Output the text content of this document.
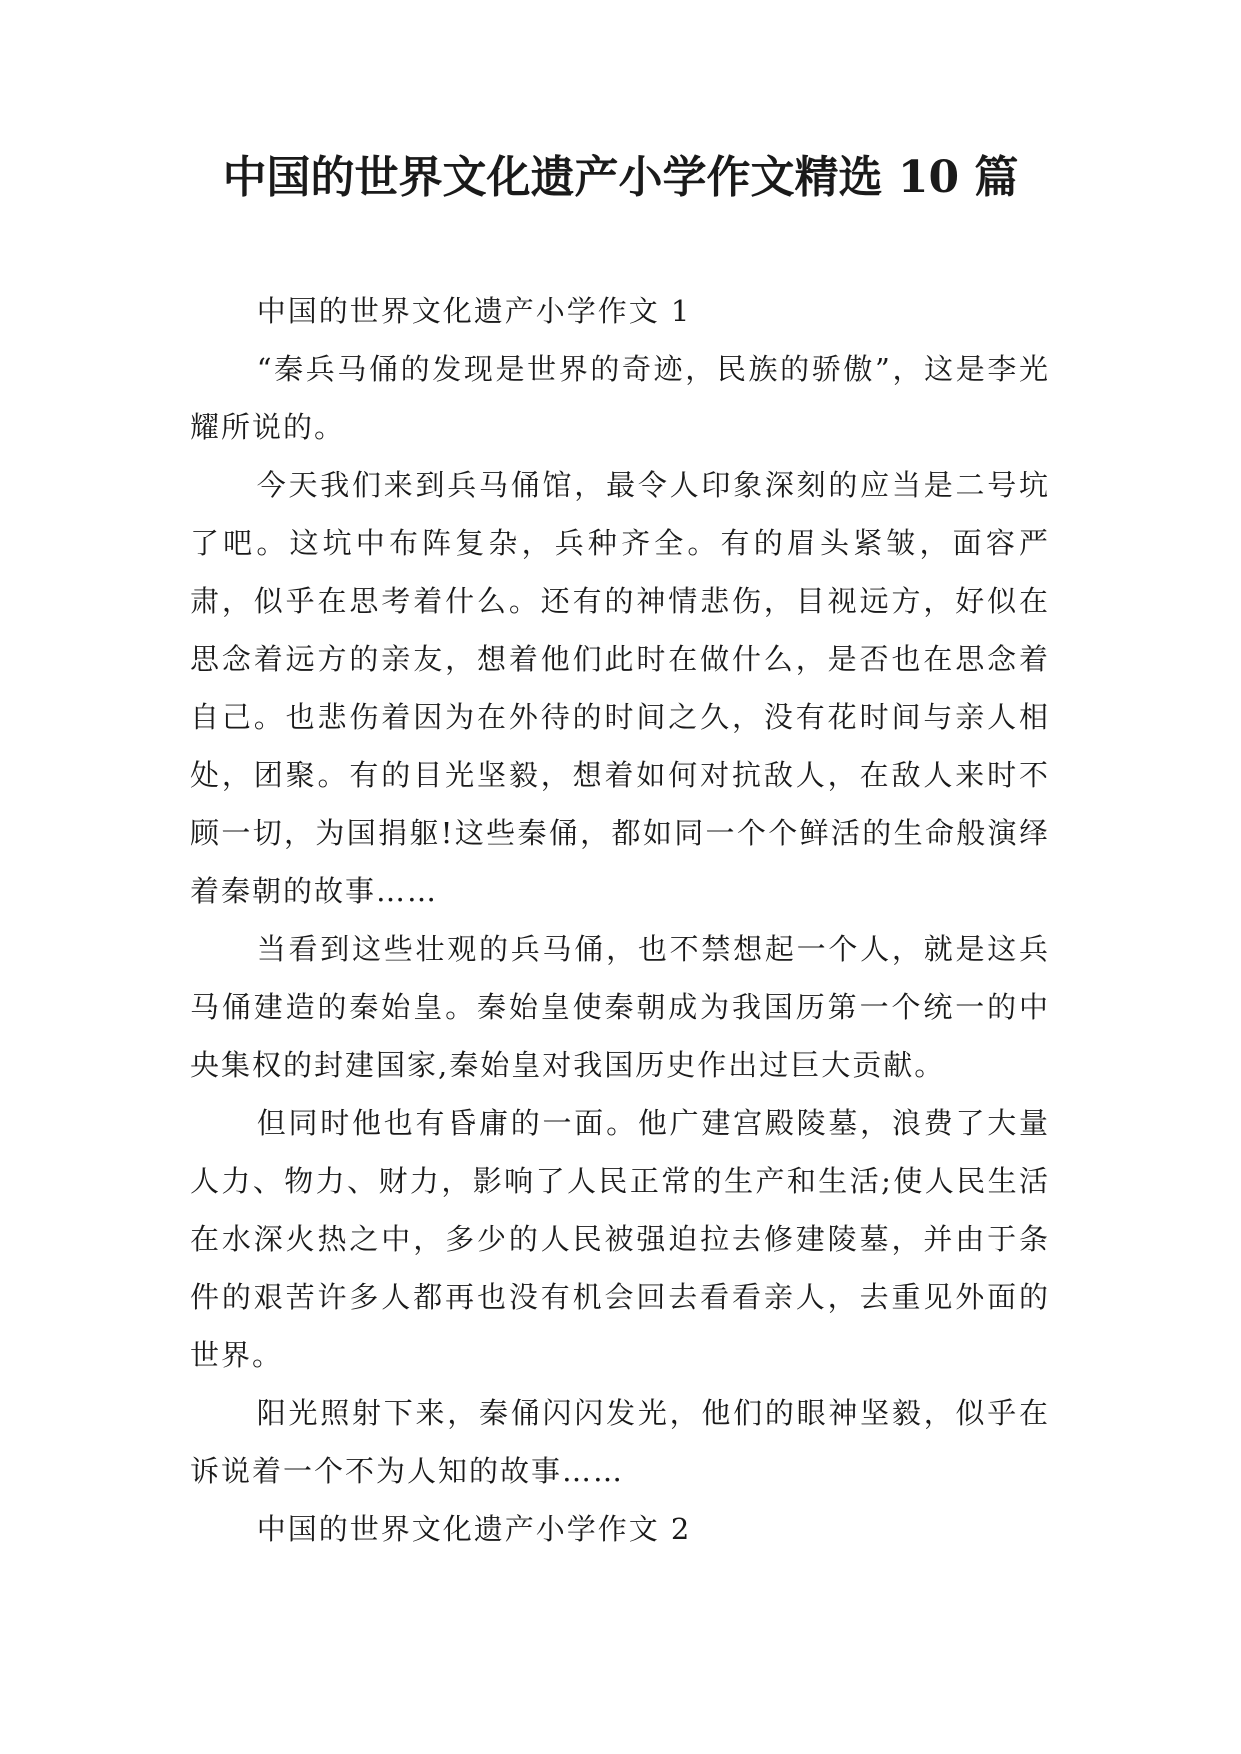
中国的世界文化遗产小学作文精选 10 篇

中国的世界文化遗产小学作文 1

“秦兵马俑的发现是世界的奇迹，民族的骄傲”，这是李光耀所说的。

今天我们来到兵马俑馆，最令人印象深刻的应当是二号坑了吧。这坑中布阵复杂，兵种齐全。有的眉头紧皱，面容严肃，似乎在思考着什么。还有的神情悲伤，目视远方，好似在思念着远方的亲友，想着他们此时在做什么，是否也在思念着自己。也悲伤着因为在外待的时间之久，没有花时间与亲人相处，团聚。有的目光坚毅，想着如何对抗敌人，在敌人来时不顾一切，为国捐躯!这些秦俑，都如同一个个鲜活的生命般演绎着秦朝的故事……

当看到这些壮观的兵马俑，也不禁想起一个人，就是这兵马俑建造的秦始皇。秦始皇使秦朝成为我国历第一个统一的中央集权的封建国家,秦始皇对我国历史作出过巨大贡献。

但同时他也有昏庸的一面。他广建宫殿陵墓，浪费了大量人力、物力、财力，影响了人民正常的生产和生活;使人民生活在水深火热之中，多少的人民被强迫拉去修建陵墓，并由于条件的艰苦许多人都再也没有机会回去看看亲人，去重见外面的世界。

阳光照射下来，秦俑闪闪发光，他们的眼神坚毅，似乎在诉说着一个不为人知的故事……

中国的世界文化遗产小学作文 2
